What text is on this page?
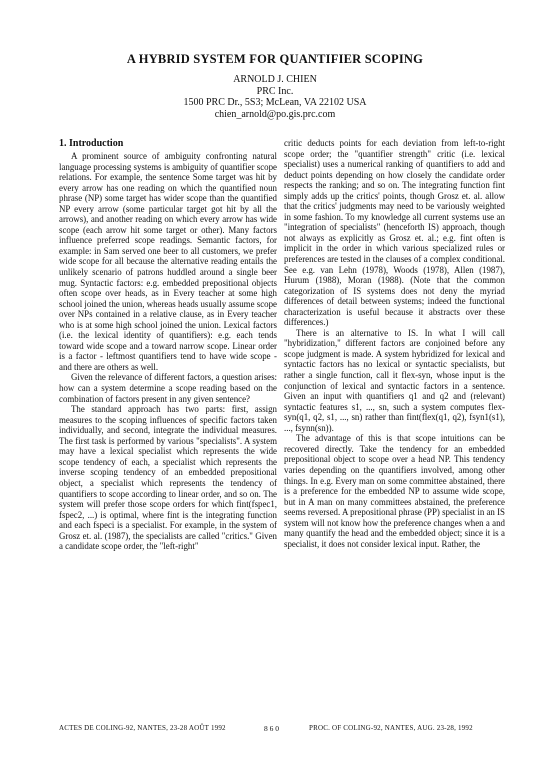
A HYBRID SYSTEM FOR QUANTIFIER SCOPING
ARNOLD J. CHIEN
PRC Inc.
1500 PRC Dr., 5S3; McLean, VA 22102 USA
chien_arnold@po.gis.prc.com
1. Introduction

A prominent source of ambiguity confronting natural language processing systems is ambiguity of quantifier scope relations. For example, the sentence Some target was hit by every arrow has one reading on which the quantified noun phrase (NP) some target has wider scope than the quantified NP every arrow (some particular target got hit by all the arrows), and another reading on which every arrow has wide scope (each arrow hit some target or other). Many factors influence preferred scope readings. Semantic factors, for example: in Sam served one beer to all customers, we prefer wide scope for all because the alternative reading entails the unlikely scenario of patrons huddled around a single beer mug. Syntactic factors: e.g. embedded prepositional objects often scope over heads, as in Every teacher at some high school joined the union, whereas heads usually assume scope over NPs contained in a relative clause, as in Every teacher who is at some high school joined the union. Lexical factors (i.e. the lexical identity of quantifiers): e.g. each tends toward wide scope and a toward narrow scope. Linear order is a factor - leftmost quantifiers tend to have wide scope - and there are others as well.

Given the relevance of different factors, a question arises: how can a system determine a scope reading based on the combination of factors present in any given sentence?

The standard approach has two parts: first, assign measures to the scoping influences of specific factors taken individually, and second, integrate the individual measures. The first task is performed by various "specialists". A system may have a lexical specialist which represents the wide scope tendency of each, a specialist which represents the inverse scoping tendency of an embedded prepositional object, a specialist which represents the tendency of quantifiers to scope according to linear order, and so on. The system will prefer those scope orders for which fint(fspec1, fspec2, ...) is optimal, where fint is the integrating function and each fspeci is a specialist. For example, in the system of Grosz et. al. (1987), the specialists are called "critics." Given a candidate scope order, the "left-right"

critic deducts points for each deviation from left-to-right scope order; the "quantifier strength" critic (i.e. lexical specialist) uses a numerical ranking of quantifiers to add and deduct points depending on how closely the candidate order respects the ranking; and so on. The integrating function fint simply adds up the critics' points, though Grosz et. al. allow that the critics' judgments may need to be variously weighted in some fashion. To my knowledge all current systems use an "integration of specialists" (henceforth IS) approach, though not always as explicitly as Grosz et. al.; e.g. fint often is implicit in the order in which various specialized rules or preferences are tested in the clauses of a complex conditional. See e.g. van Lehn (1978), Woods (1978), Allen (1987), Hurum (1988), Moran (1988). (Note that the common categorization of IS systems does not deny the myriad differences of detail between systems; indeed the functional characterization is useful because it abstracts over these differences.)

There is an alternative to IS. In what I will call "hybridization," different factors are conjoined before any scope judgment is made. A system hybridized for lexical and syntactic factors has no lexical or syntactic specialists, but rather a single function, call it flex-syn, whose input is the conjunction of lexical and syntactic factors in a sentence. Given an input with quantifiers q1 and q2 and (relevant) syntactic features s1, ..., sn, such a system computes flex-syn(q1, q2, s1, ..., sn) rather than fint(flex(q1, q2), fsyn1(s1), ..., fsynn(sn)).

The advantage of this is that scope intuitions can be recovered directly. Take the tendency for an embedded prepositional object to scope over a head NP. This tendency varies depending on the quantifiers involved, among other things. In e.g. Every man on some committee abstained, there is a preference for the embedded NP to assume wide scope, but in A man on many committees abstained, the preference seems reversed. A prepositional phrase (PP) specialist in an IS system will not know how the preference changes when a and many quantify the head and the embedded object; since it is a specialist, it does not consider lexical input. Rather, the

ACTES DE COLING-92, NANTES, 23-28 AOÛT 1992	8 6 0	PROC. OF COLING-92, NANTES, AUG. 23-28, 1992
